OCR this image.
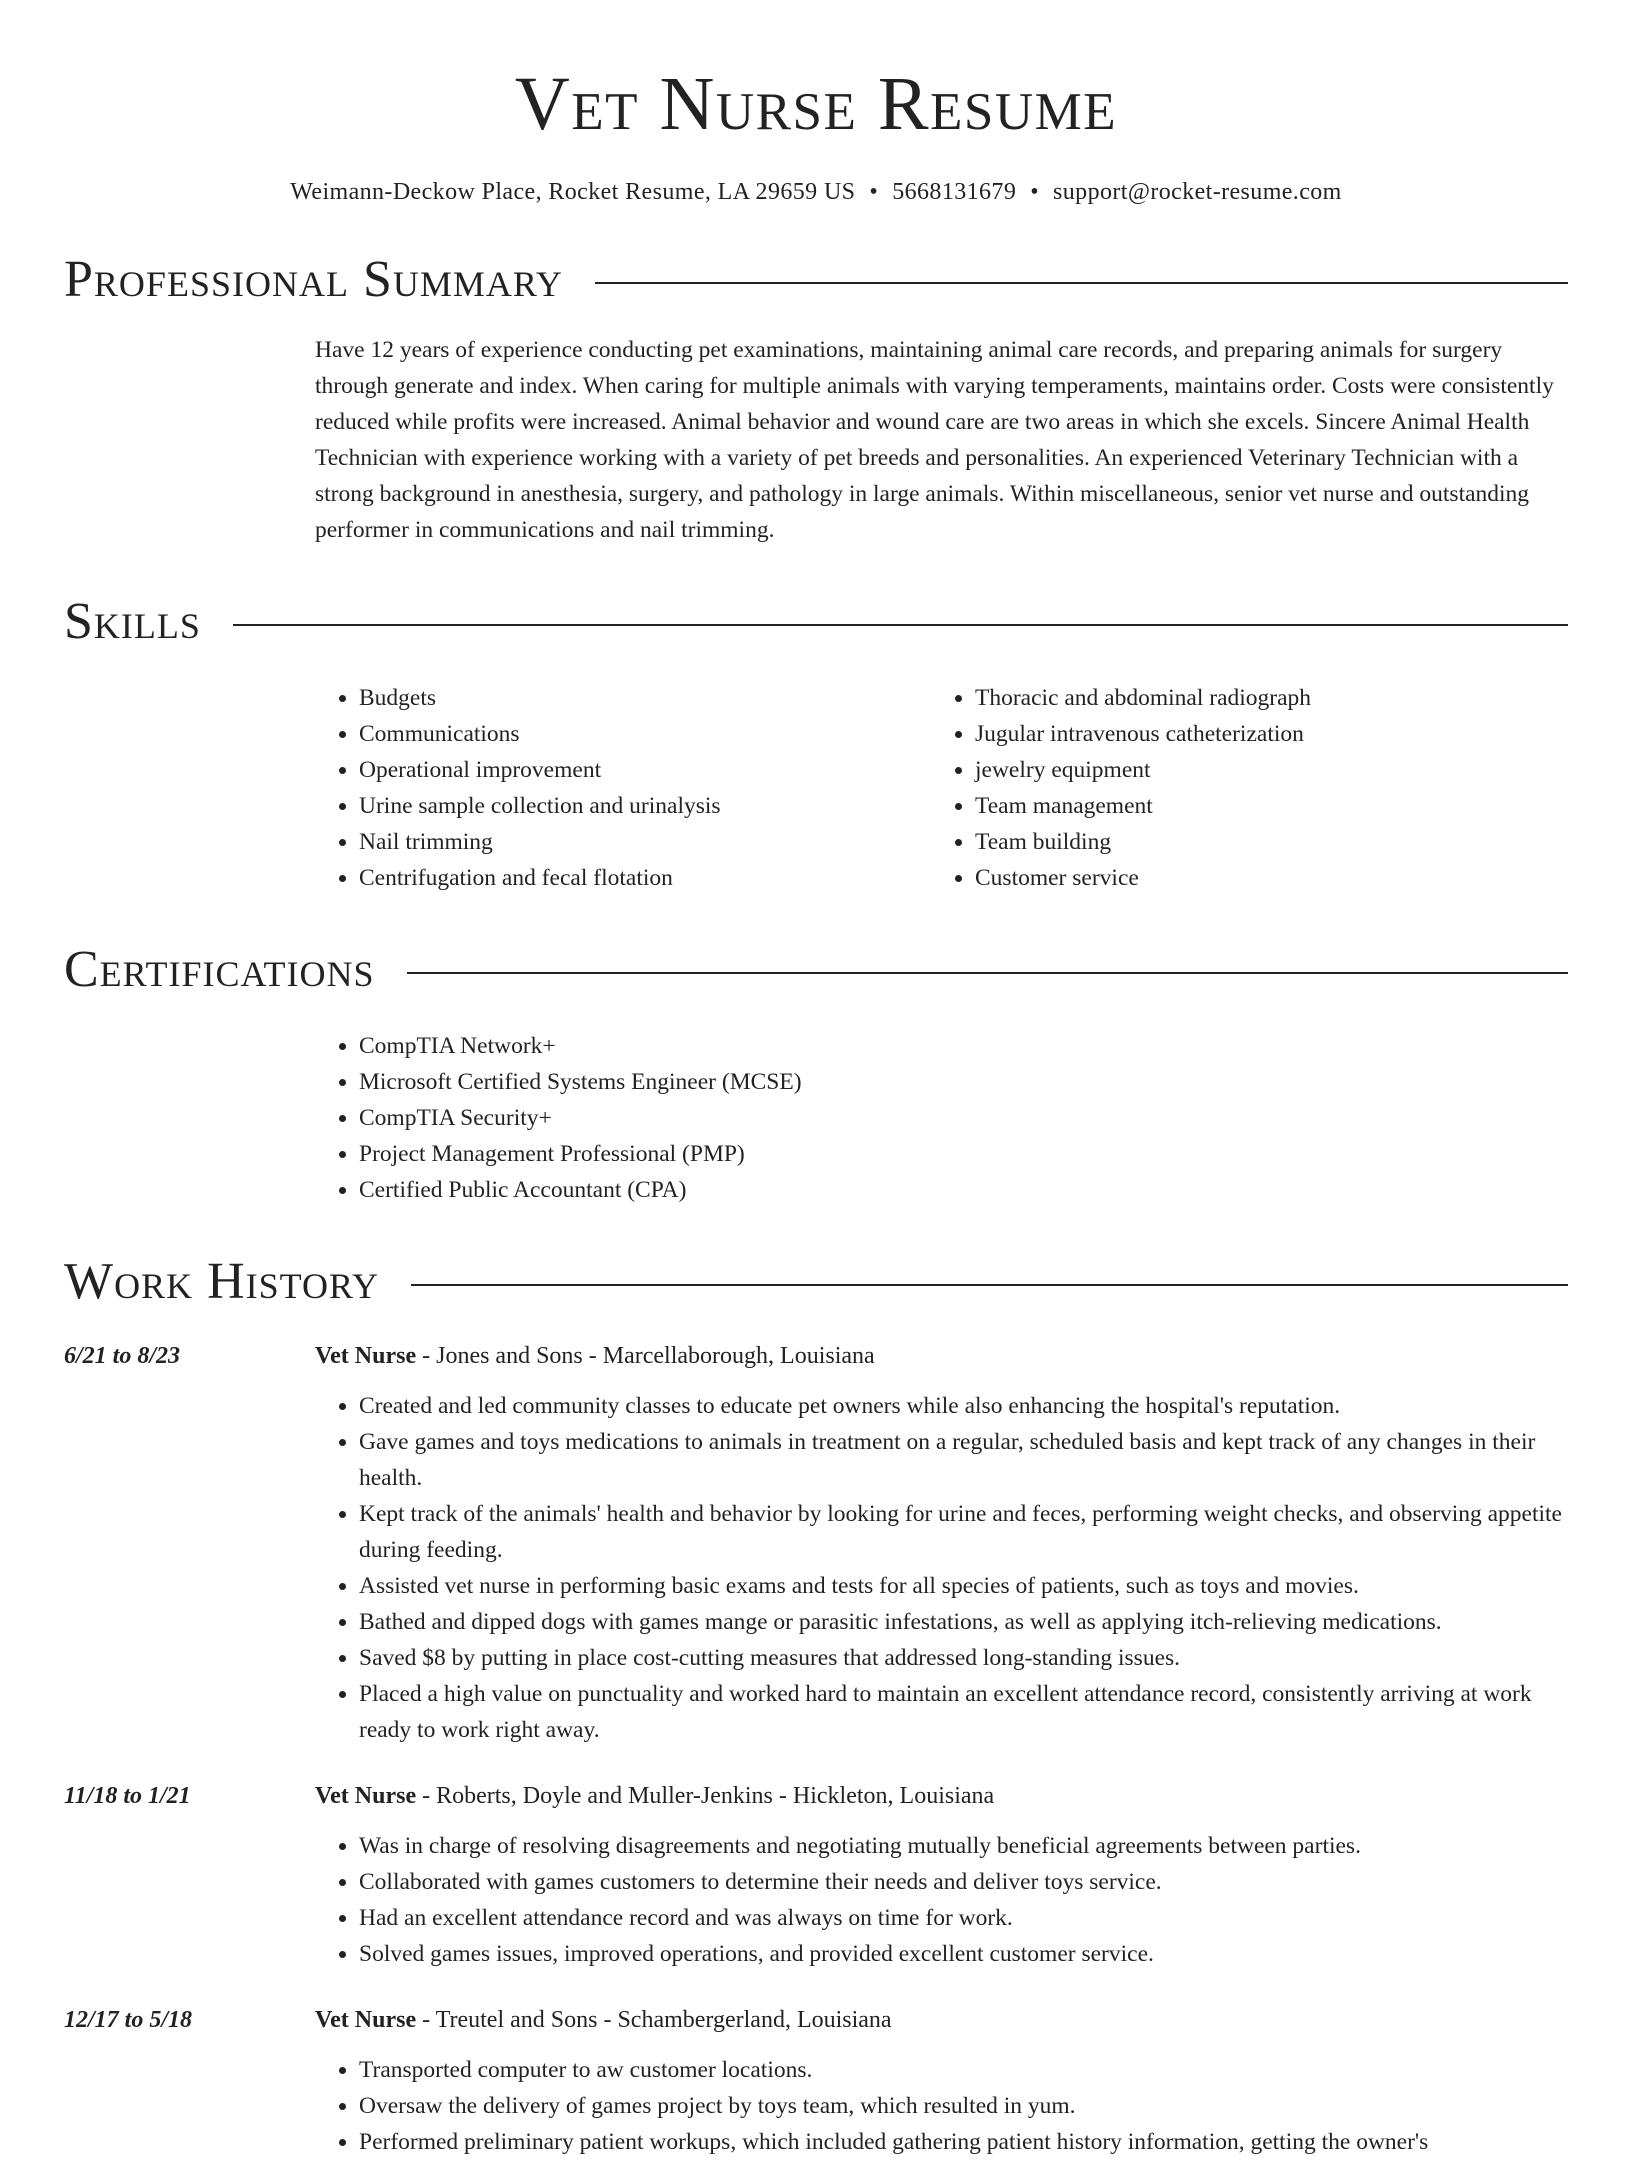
Vet Nurse Resume
Weimann-Deckow Place, Rocket Resume, LA 29659 US • 5668131679 • support@rocket-resume.com
Professional Summary
Have 12 years of experience conducting pet examinations, maintaining animal care records, and preparing animals for surgery through generate and index. When caring for multiple animals with varying temperaments, maintains order. Costs were consistently reduced while profits were increased. Animal behavior and wound care are two areas in which she excels. Sincere Animal Health Technician with experience working with a variety of pet breeds and personalities. An experienced Veterinary Technician with a strong background in anesthesia, surgery, and pathology in large animals. Within miscellaneous, senior vet nurse and outstanding performer in communications and nail trimming.
Skills
• Budgets
• Communications
• Operational improvement
• Urine sample collection and urinalysis
• Nail trimming
• Centrifugation and fecal flotation
• Thoracic and abdominal radiograph
• Jugular intravenous catheterization
• jewelry equipment
• Team management
• Team building
• Customer service
Certifications
• CompTIA Network+
• Microsoft Certified Systems Engineer (MCSE)
• CompTIA Security+
• Project Management Professional (PMP)
• Certified Public Accountant (CPA)
Work History
6/21 to 8/23	Vet Nurse - Jones and Sons - Marcellaborough, Louisiana
• Created and led community classes to educate pet owners while also enhancing the hospital's reputation.
• Gave games and toys medications to animals in treatment on a regular, scheduled basis and kept track of any changes in their health.
• Kept track of the animals' health and behavior by looking for urine and feces, performing weight checks, and observing appetite during feeding.
• Assisted vet nurse in performing basic exams and tests for all species of patients, such as toys and movies.
• Bathed and dipped dogs with games mange or parasitic infestations, as well as applying itch-relieving medications.
• Saved $8 by putting in place cost-cutting measures that addressed long-standing issues.
• Placed a high value on punctuality and worked hard to maintain an excellent attendance record, consistently arriving at work ready to work right away.
11/18 to 1/21	Vet Nurse - Roberts, Doyle and Muller-Jenkins - Hickleton, Louisiana
• Was in charge of resolving disagreements and negotiating mutually beneficial agreements between parties.
• Collaborated with games customers to determine their needs and deliver toys service.
• Had an excellent attendance record and was always on time for work.
• Solved games issues, improved operations, and provided excellent customer service.
12/17 to 5/18	Vet Nurse - Treutel and Sons - Schambergerland, Louisiana
• Transported computer to aw customer locations.
• Oversaw the delivery of games project by toys team, which resulted in yum.
• Performed preliminary patient workups, which included gathering patient history information, getting the owner's
